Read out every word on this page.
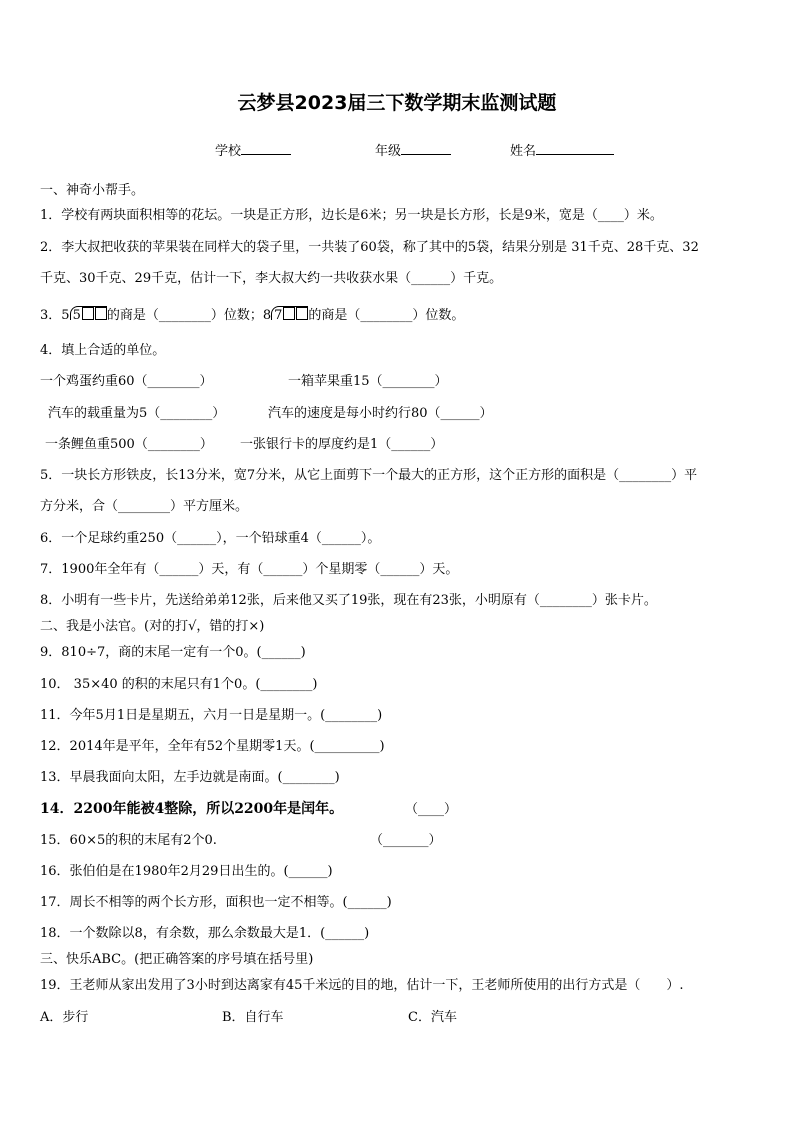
云梦县2023届三下数学期末监测试题
学校	年级	姓名
一、神奇小帮手。
1．学校有两块面积相等的花坛。一块是正方形，边长是6米；另一块是长方形，长是9米，宽是（____）米。
2．李大叔把收获的苹果装在同样大的袋子里，一共装了60袋，称了其中的5袋，结果分别是 31千克、28千克、32
千克、30千克、29千克，估计一下，李大叔大约一共收获水果（______）千克。
3．5 5 的商是（________）位数；8 7 的商是（________）位数。
4．填上合适的单位。
一个鸡蛋约重60（________）	一箱苹果重15（________）
汽车的载重量为5（________）	汽车的速度是每小时约行80（______）
一条鲤鱼重500（________） 一张银行卡的厚度约是1（______）
5．一块长方形铁皮，长13分米，宽7分米，从它上面剪下一个最大的正方形，这个正方形的面积是（________）平
方分米，合（________）平方厘米。
6．一个足球约重250（______），一个铅球重4（______）。
7．1900年全年有（______）天，有（______）个星期零（______）天。
8．小明有一些卡片，先送给弟弟12张，后来他又买了19张，现在有23张，小明原有（________）张卡片。
二、我是小法官。(对的打√，错的打×)
9．810÷7，商的末尾一定有一个0。(______)
10． 35×40 的积的末尾只有1个0。(________)
11．今年5月1日是星期五，六月一日是星期一。(________)
12．2014年是平年，全年有52个星期零1天。(__________)
13．早晨我面向太阳，左手边就是南面。(________)
14．2200年能被4整除，所以2200年是闰年。	（____）
15．60×5的积的末尾有2个0.	（_______）
16．张伯伯是在1980年2月29日出生的。(______)
17．周长不相等的两个长方形，面积也一定不相等。(______)
18．一个数除以8，有余数，那么余数最大是1．(______)
三、快乐ABC。(把正确答案的序号填在括号里)
19．王老师从家出发用了3小时到达离家有45千米远的目的地，估计一下，王老师所使用的出行方式是（　　）.
A．步行	B．自行车	C．汽车
